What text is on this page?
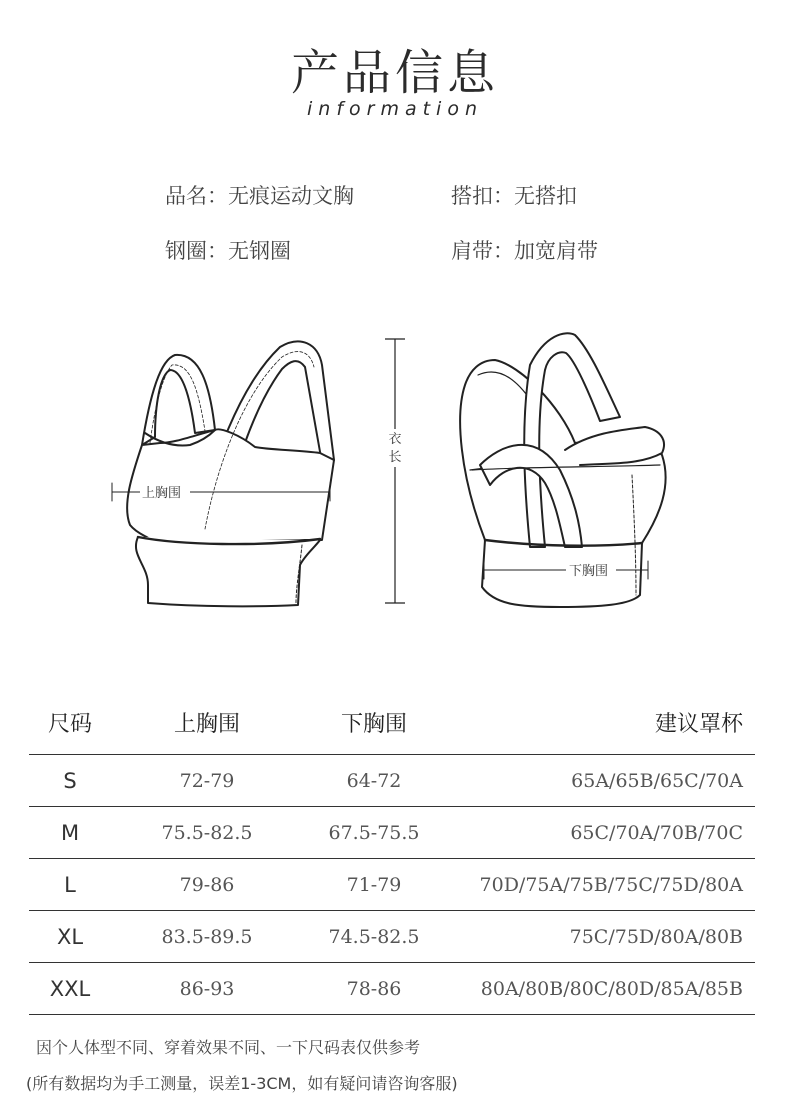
产品信息
information
品名 ： 无痕运动文胸	搭扣 ： 无搭扣
钢圈 ： 无钢圈	肩带 ： 加宽肩带
上胸围
衣
长
下胸围
尺码	上胸围	下胸围	建议罩杯
S	72-79	64-72	65A/65B/65C/70A
M	75.5-82.5	67.5-75.5	65C/70A/70B/70C
L	79-86	71-79	70D/75A/75B/75C/75D/80A
XL	83.5-89.5	74.5-82.5	75C/75D/80A/80B
XXL	86-93	78-86	80A/80B/80C/80D/85A/85B
因个人体型不同、穿着效果不同、一下尺码表仅供参考
(所有数据均为手工测量，误差1-3CM，如有疑问请咨询客服)
